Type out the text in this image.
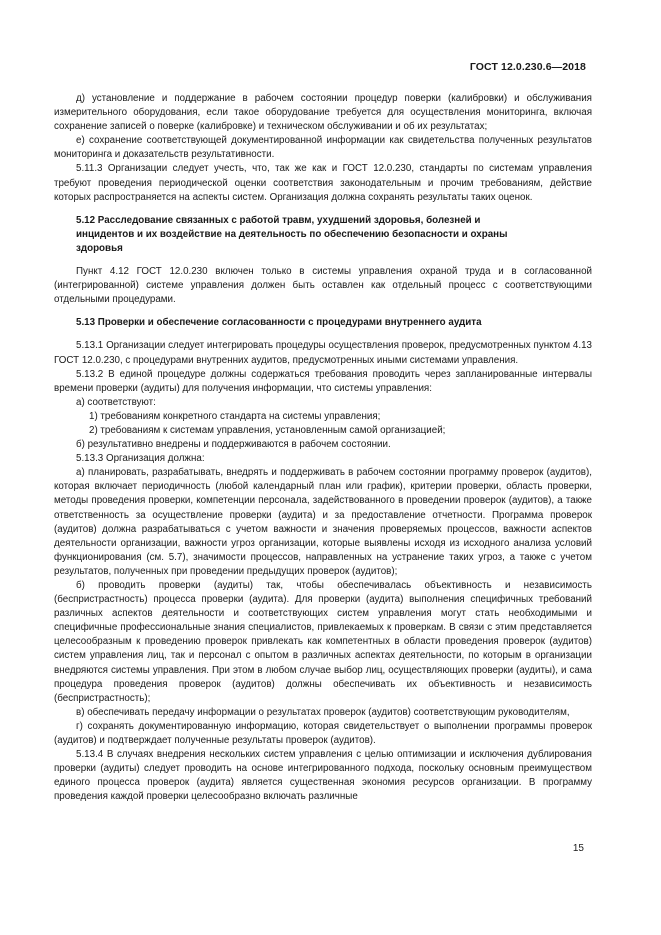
ГОСТ 12.0.230.6—2018

д) установление и поддержание в рабочем состоянии процедур поверки (калибровки) и обслуживания измерительного оборудования, если такое оборудование требуется для осуществления мониторинга, включая сохранение записей о поверке (калибровке) и техническом обслуживании и об их результатах;

е) сохранение соответствующей документированной информации как свидетельства полученных результатов мониторинга и доказательств результативности.

5.11.3 Организации следует учесть, что, так же как и ГОСТ 12.0.230, стандарты по системам управления требуют проведения периодической оценки соответствия законодательным и прочим требованиям, действие которых распространяется на аспекты систем. Организация должна сохранять результаты таких оценок.

5.12 Расследование связанных с работой травм, ухудшений здоровья, болезней и инцидентов и их воздействие на деятельность по обеспечению безопасности и охраны здоровья

Пункт 4.12 ГОСТ 12.0.230 включен только в системы управления охраной труда и в согласованной (интегрированной) системе управления должен быть оставлен как отдельный процесс с соответствующими отдельными процедурами.

5.13 Проверки и обеспечение согласованности с процедурами внутреннего аудита

5.13.1 Организации следует интегрировать процедуры осуществления проверок, предусмотренных пунктом 4.13 ГОСТ 12.0.230, с процедурами внутренних аудитов, предусмотренных иными системами управления.

5.13.2 В единой процедуре должны содержаться требования проводить через запланированные интервалы времени проверки (аудиты) для получения информации, что системы управления:

а) соответствуют:

1) требованиям конкретного стандарта на системы управления;

2) требованиям к системам управления, установленным самой организацией;

б) результативно внедрены и поддерживаются в рабочем состоянии.

5.13.3 Организация должна:

а) планировать, разрабатывать, внедрять и поддерживать в рабочем состоянии программу проверок (аудитов), которая включает периодичность (любой календарный план или график), критерии проверки, область проверки, методы проведения проверки, компетенции персонала, задействованного в проведении проверок (аудитов), а также ответственность за осуществление проверки (аудита) и за предоставление отчетности. Программа проверок (аудитов) должна разрабатываться с учетом важности и значения проверяемых процессов, важности аспектов деятельности организации, важности угроз организации, которые выявлены исходя из исходного анализа условий функционирования (см. 5.7), значимости процессов, направленных на устранение таких угроз, а также с учетом результатов, полученных при проведении предыдущих проверок (аудитов);

б) проводить проверки (аудиты) так, чтобы обеспечивалась объективность и независимость (беспристрастность) процесса проверки (аудита). Для проверки (аудита) выполнения специфичных требований различных аспектов деятельности и соответствующих систем управления могут стать необходимыми и специфичные профессиональные знания специалистов, привлекаемых к проверкам. В связи с этим представляется целесообразным к проведению проверок привлекать как компетентных в области проведения проверок (аудитов) систем управления лиц, так и персонал с опытом в различных аспектах деятельности, по которым в организации внедряются системы управления. При этом в любом случае выбор лиц, осуществляющих проверки (аудиты), и сама процедура проведения проверок (аудитов) должны обеспечивать их объективность и независимость (беспристрастность);

в) обеспечивать передачу информации о результатах проверок (аудитов) соответствующим руководителям,

г) сохранять документированную информацию, которая свидетельствует о выполнении программы проверок (аудитов) и подтверждает полученные результаты проверок (аудитов).

5.13.4 В случаях внедрения нескольких систем управления с целью оптимизации и исключения дублирования проверки (аудиты) следует проводить на основе интегрированного подхода, поскольку основным преимуществом единого процесса проверок (аудита) является существенная экономия ресурсов организации. В программу проведения каждой проверки целесообразно включать различные

15
